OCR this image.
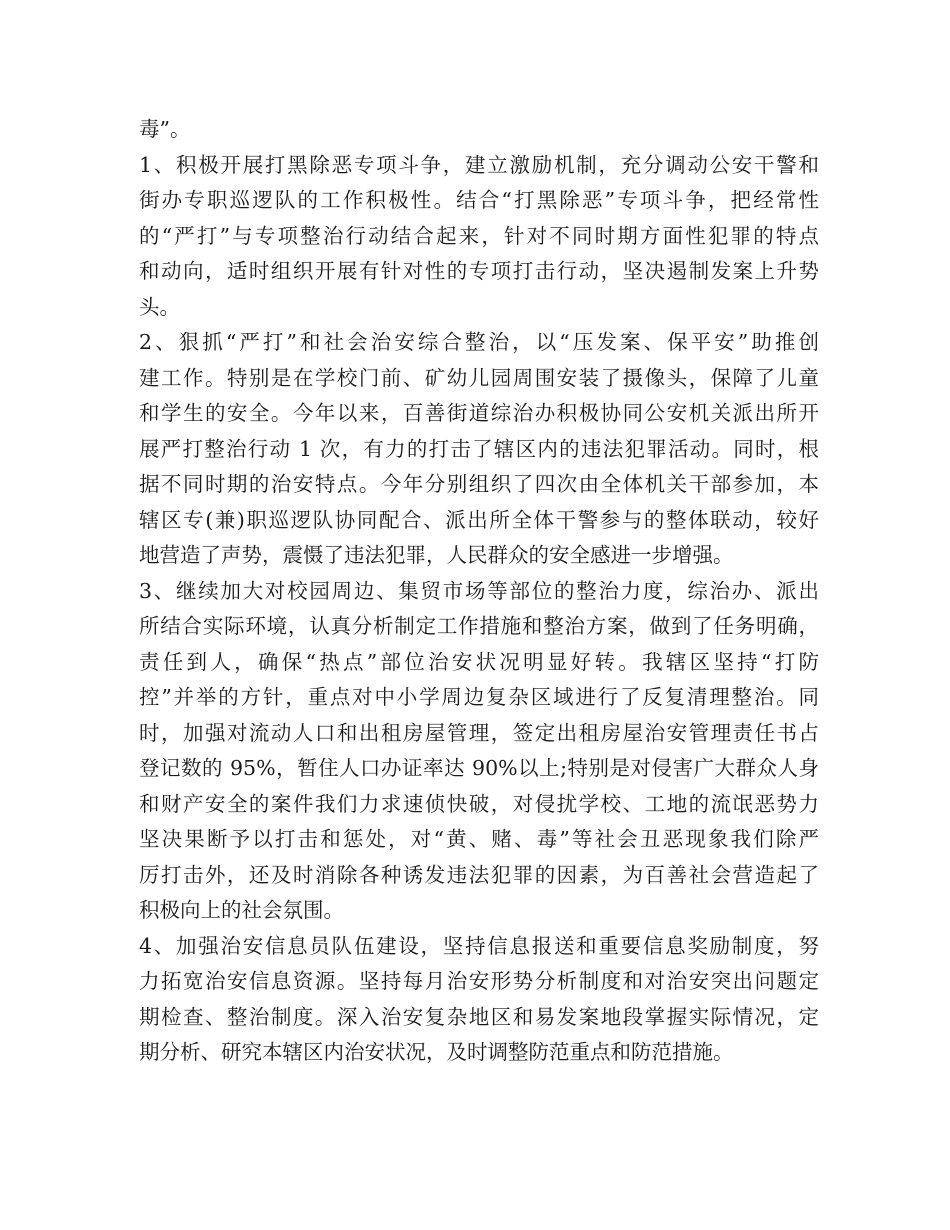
毒”。
1、积极开展打黑除恶专项斗争，建立激励机制，充分调动公安干警和
街办专职巡逻队的工作积极性。结合“打黑除恶”专项斗争，把经常性
的“严打”与专项整治行动结合起来，针对不同时期方面性犯罪的特点
和动向，适时组织开展有针对性的专项打击行动，坚决遏制发案上升势
头。
2、狠抓“严打”和社会治安综合整治，以“压发案、保平安”助推创
建工作。特别是在学校门前、矿幼儿园周围安装了摄像头，保障了儿童
和学生的安全。今年以来，百善街道综治办积极协同公安机关派出所开
展严打整治行动 1 次，有力的打击了辖区内的违法犯罪活动。同时，根
据不同时期的治安特点。今年分别组织了四次由全体机关干部参加，本
辖区专(兼)职巡逻队协同配合、派出所全体干警参与的整体联动，较好
地营造了声势，震慑了违法犯罪，人民群众的安全感进一步增强。
3、继续加大对校园周边、集贸市场等部位的整治力度，综治办、派出
所结合实际环境，认真分析制定工作措施和整治方案，做到了任务明确，
责任到人，确保“热点”部位治安状况明显好转。我辖区坚持“打防
控”并举的方针，重点对中小学周边复杂区域进行了反复清理整治。同
时，加强对流动人口和出租房屋管理，签定出租房屋治安管理责任书占
登记数的 95%，暂住人口办证率达 90%以上;特别是对侵害广大群众人身
和财产安全的案件我们力求速侦快破，对侵扰学校、工地的流氓恶势力
坚决果断予以打击和惩处，对“黄、赌、毒”等社会丑恶现象我们除严
厉打击外，还及时消除各种诱发违法犯罪的因素，为百善社会营造起了
积极向上的社会氛围。
4、加强治安信息员队伍建设，坚持信息报送和重要信息奖励制度，努
力拓宽治安信息资源。坚持每月治安形势分析制度和对治安突出问题定
期检查、整治制度。深入治安复杂地区和易发案地段掌握实际情况，定
期分析、研究本辖区内治安状况，及时调整防范重点和防范措施。
